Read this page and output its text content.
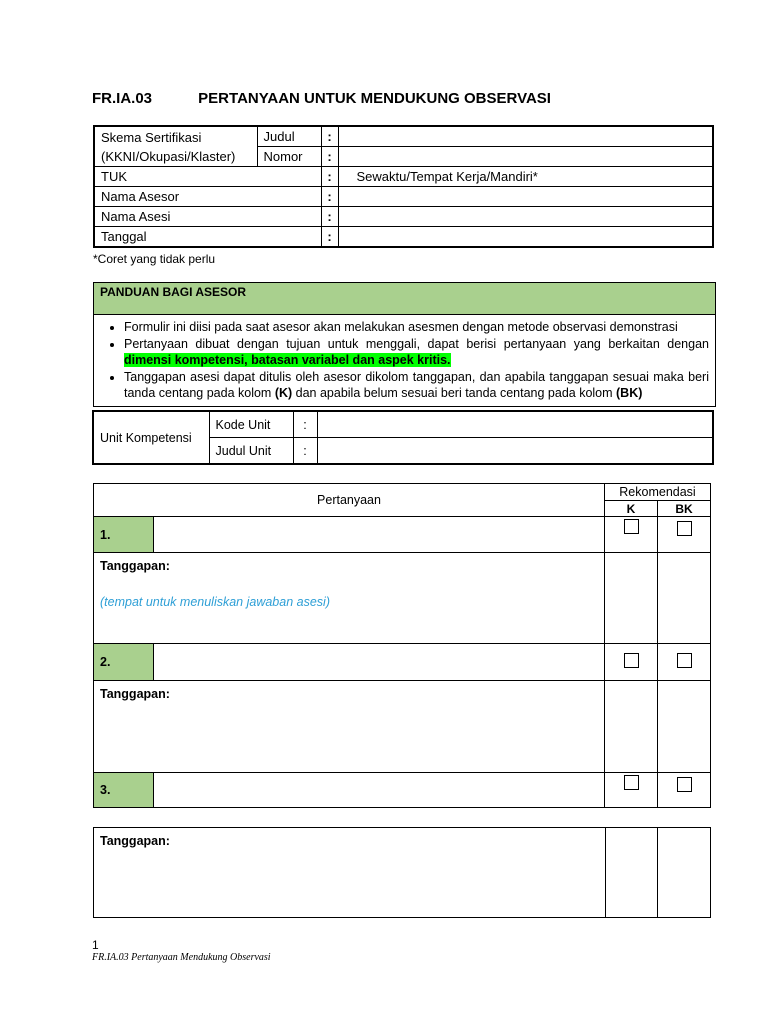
FR.IA.03	PERTANYAAN UNTUK MENDUKUNG OBSERVASI
Skema Sertifikasi
(KKNI/Okupasi/Klaster)	Judul	:	
	Nomor	:	
TUK		:	Sewaktu/Tempat Kerja/Mandiri*
Nama Asesor		:	
Nama Asesi		:	
Tanggal		:	
*Coret yang tidak perlu
PANDUAN BAGI ASESOR
• Formulir ini diisi pada saat asesor akan melakukan asesmen dengan metode observasi demonstrasi
• Pertanyaan dibuat dengan tujuan untuk menggali, dapat berisi pertanyaan yang berkaitan dengan dimensi kompetensi, batasan variabel dan aspek kritis.
• Tanggapan asesi dapat ditulis oleh asesor dikolom tanggapan, dan apabila tanggapan sesuai maka beri tanda centang pada kolom (K) dan apabila belum sesuai beri tanda centang pada kolom (BK)
Unit Kompetensi	Kode Unit	:	
	Judul Unit	:	
Pertanyaan		Rekomendasi	
		K	BK
1.			
Tanggapan:
(tempat untuk menuliskan jawaban asesi)			

2.			
Tanggapan:			
3.			
Tanggapan:		
1
FR.IA.03 Pertanyaan Mendukung Observasi
